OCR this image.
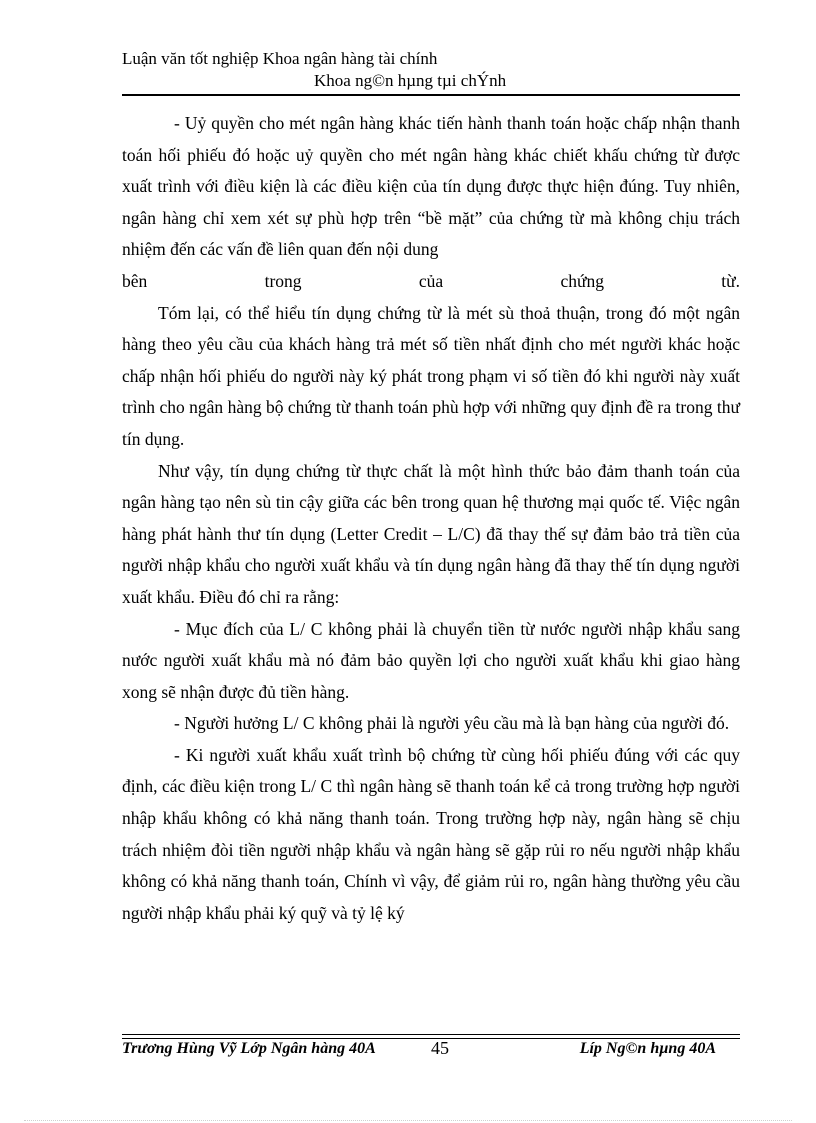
Luận văn tốt nghiệp Khoa ngân hàng tài chính
Khoa ng©n hµng tµi chÝnh

- Uỷ quyền cho mét ngân hàng khác tiến hành thanh toán hoặc chấp nhận thanh toán hối phiếu đó hoặc uỷ quyền cho mét ngân hàng khác chiết khấu chứng từ được xuất trình với điều kiện là các điều kiện của tín dụng được thực hiện đúng. Tuy nhiên, ngân hàng chỉ xem xét sự phù hợp trên “bề mặt” của chứng từ mà không chịu trách nhiệm đến các vấn đề liên quan đến nội dung

bên trong của chứng từ.

Tóm lại, có thể hiểu tín dụng chứng từ là mét sù thoả thuận, trong đó một ngân hàng theo yêu cầu của khách hàng trả mét số tiền nhất định cho mét người khác hoặc chấp nhận hối phiếu do người này ký phát trong phạm vi số tiền đó khi người này xuất trình cho ngân hàng bộ chứng từ thanh toán phù hợp với những quy định đề ra trong thư tín dụng.

Như vậy, tín dụng chứng từ thực chất là một hình thức bảo đảm thanh toán của ngân hàng tạo nên sù tin cậy giữa các bên trong quan hệ thương mại quốc tế. Việc ngân hàng phát hành thư tín dụng (Letter Credit – L/C) đã thay thế sự đảm bảo trả tiền của người nhập khẩu cho người xuất khẩu và tín dụng ngân hàng đã thay thế tín dụng người xuất khẩu. Điều đó chỉ ra rằng:

- Mục đích của L/ C không phải là chuyển tiền từ nước người nhập khẩu sang nước người xuất khẩu mà nó đảm bảo quyền lợi cho người xuất khẩu khi giao hàng xong sẽ nhận được đủ tiền hàng.

- Người hưởng L/ C không phải là người yêu cầu mà là bạn hàng của người đó.

- Ki người xuất khẩu xuất trình bộ chứng từ cùng hối phiếu đúng với các quy định, các điều kiện trong L/ C thì ngân hàng sẽ thanh toán kể cả trong trường hợp người nhập khẩu không có khả năng thanh toán. Trong trường hợp này, ngân hàng sẽ chịu trách nhiệm đòi tiền người nhập khẩu và ngân hàng sẽ gặp rủi ro nếu người nhập khẩu không có khả năng thanh toán, Chính vì vậy, để giảm rủi ro, ngân hàng thường yêu cầu người nhập khẩu phải ký quỹ và tỷ lệ ký

Trương Hùng Vỹ Lớp Ngân hàng 40A	45	Líp Ng©n hµng 40A
